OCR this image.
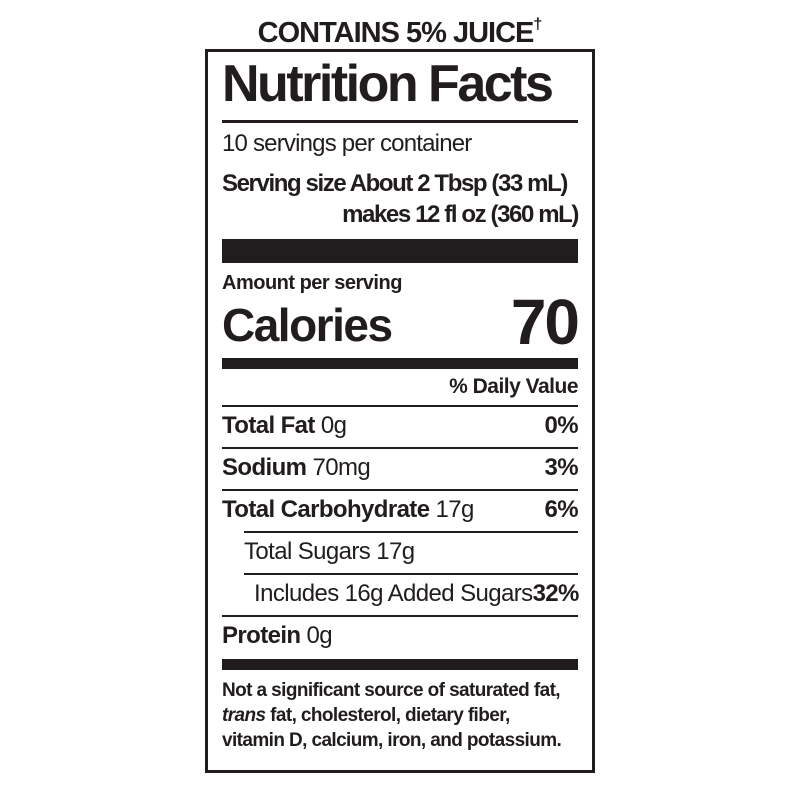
CONTAINS 5% JUICE†
Nutrition Facts
10 servings per container
Serving size About 2 Tbsp (33 mL)
makes 12 fl oz (360 mL)
Amount per serving
Calories 70
% Daily Value
Total Fat 0g	0%
Sodium 70mg	3%
Total Carbohydrate 17g	6%
Total Sugars 17g
Includes 16g Added Sugars 32%
Protein 0g
Not a significant source of saturated fat,
trans fat, cholesterol, dietary fiber,
vitamin D, calcium, iron, and potassium.
